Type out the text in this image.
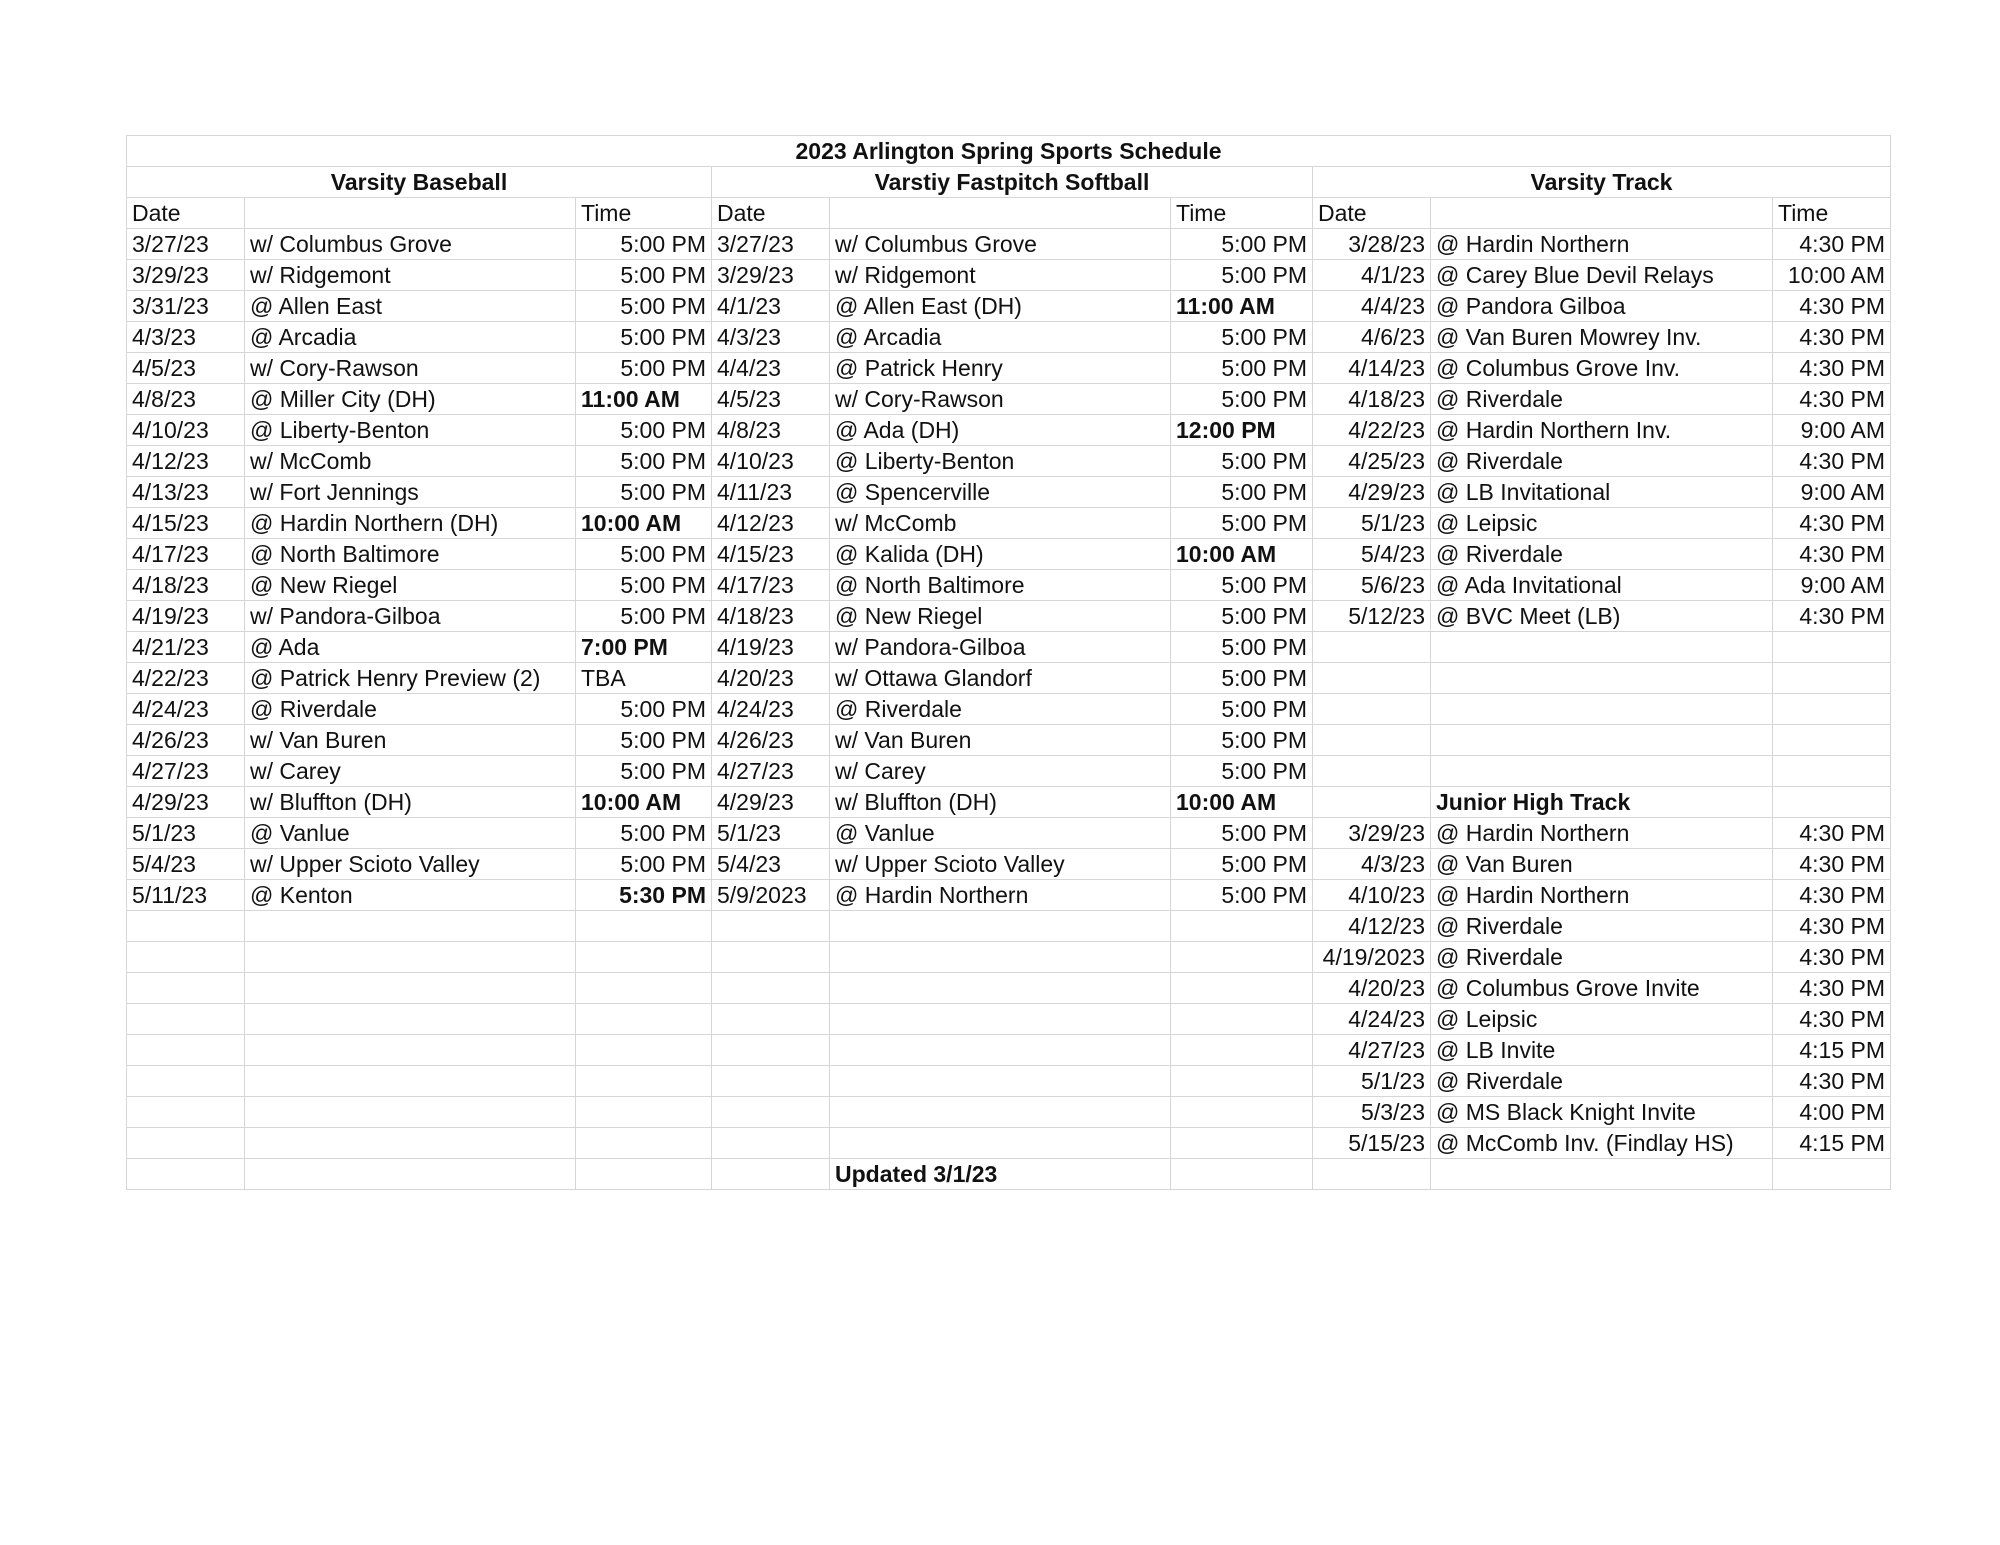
2023 Arlington Spring Sports Schedule								
Varsity Baseball			Varstiy Fastpitch Softball			Varsity Track		
Date		Time	Date		Time	Date		Time
3/27/23	w/ Columbus Grove	5:00 PM	3/27/23	w/ Columbus Grove	5:00 PM	3/28/23	@ Hardin Northern	4:30 PM
3/29/23	w/ Ridgemont	5:00 PM	3/29/23	w/ Ridgemont	5:00 PM	4/1/23	@ Carey Blue Devil Relays	10:00 AM
3/31/23	@ Allen East	5:00 PM	4/1/23	@ Allen East (DH)	11:00 AM	4/4/23	@ Pandora Gilboa	4:30 PM
4/3/23	@ Arcadia	5:00 PM	4/3/23	@ Arcadia	5:00 PM	4/6/23	@ Van Buren Mowrey Inv.	4:30 PM
4/5/23	w/ Cory-Rawson	5:00 PM	4/4/23	@ Patrick Henry	5:00 PM	4/14/23	@ Columbus Grove Inv.	4:30 PM
4/8/23	@ Miller City (DH)	11:00 AM	4/5/23	w/ Cory-Rawson	5:00 PM	4/18/23	@ Riverdale	4:30 PM
4/10/23	@ Liberty-Benton	5:00 PM	4/8/23	@ Ada (DH)	12:00 PM	4/22/23	@ Hardin Northern Inv.	9:00 AM
4/12/23	w/ McComb	5:00 PM	4/10/23	@ Liberty-Benton	5:00 PM	4/25/23	@ Riverdale	4:30 PM
4/13/23	w/ Fort Jennings	5:00 PM	4/11/23	@ Spencerville	5:00 PM	4/29/23	@ LB Invitational	9:00 AM
4/15/23	@ Hardin Northern (DH)	10:00 AM	4/12/23	w/ McComb	5:00 PM	5/1/23	@ Leipsic	4:30 PM
4/17/23	@ North Baltimore	5:00 PM	4/15/23	@ Kalida (DH)	10:00 AM	5/4/23	@ Riverdale	4:30 PM
4/18/23	@ New Riegel	5:00 PM	4/17/23	@ North Baltimore	5:00 PM	5/6/23	@ Ada Invitational	9:00 AM
4/19/23	w/ Pandora-Gilboa	5:00 PM	4/18/23	@ New Riegel	5:00 PM	5/12/23	@ BVC Meet (LB)	4:30 PM
4/21/23	@ Ada	7:00 PM	4/19/23	w/ Pandora-Gilboa	5:00 PM			
4/22/23	@ Patrick Henry Preview (2)	TBA	4/20/23	w/ Ottawa Glandorf	5:00 PM			
4/24/23	@ Riverdale	5:00 PM	4/24/23	@ Riverdale	5:00 PM			
4/26/23	w/ Van Buren	5:00 PM	4/26/23	w/ Van Buren	5:00 PM			
4/27/23	w/ Carey	5:00 PM	4/27/23	w/ Carey	5:00 PM			
4/29/23	w/ Bluffton (DH)	10:00 AM	4/29/23	w/ Bluffton (DH)	10:00 AM		Junior High Track	
5/1/23	@ Vanlue	5:00 PM	5/1/23	@ Vanlue	5:00 PM	3/29/23	@ Hardin Northern	4:30 PM
5/4/23	w/ Upper Scioto Valley	5:00 PM	5/4/23	w/ Upper Scioto Valley	5:00 PM	4/3/23	@ Van Buren	4:30 PM
5/11/23	@ Kenton	5:30 PM	5/9/2023	@ Hardin Northern	5:00 PM	4/10/23	@ Hardin Northern	4:30 PM
						4/12/23	@ Riverdale	4:30 PM
						4/19/2023	@ Riverdale	4:30 PM
						4/20/23	@ Columbus Grove Invite	4:30 PM
						4/24/23	@ Leipsic	4:30 PM
						4/27/23	@ LB Invite	4:15 PM
						5/1/23	@ Riverdale	4:30 PM
						5/3/23	@ MS Black Knight Invite	4:00 PM
						5/15/23	@ McComb Inv. (Findlay HS)	4:15 PM
				Updated 3/1/23				
